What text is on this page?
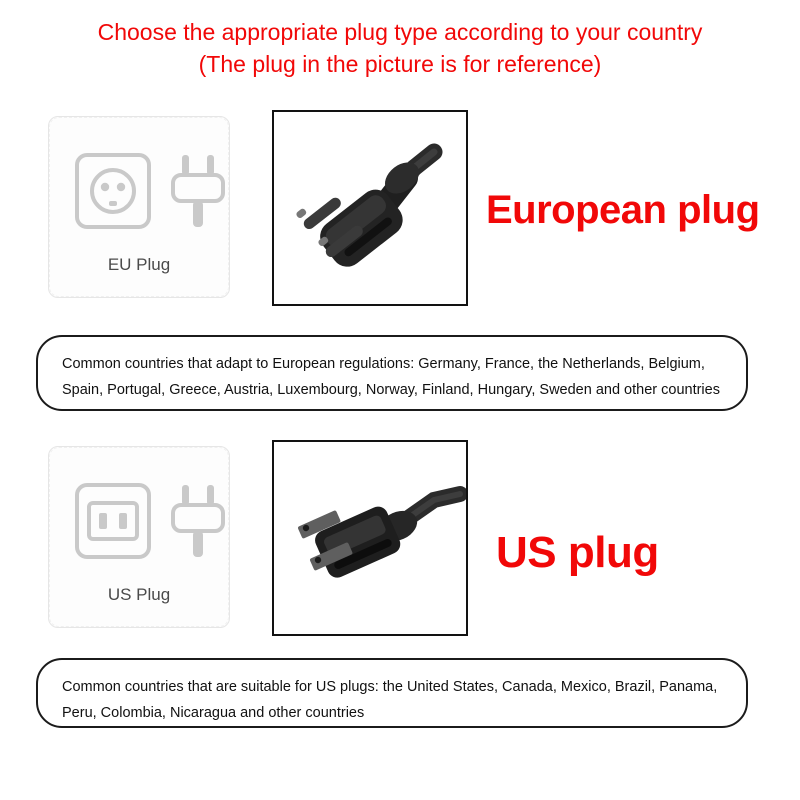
Choose the appropriate plug type according to your country
(The plug in the picture is for reference)
EU Plug
European plug
Common countries that adapt to European regulations: Germany, France, the Netherlands, Belgium, Spain, Portugal, Greece, Austria, Luxembourg, Norway, Finland, Hungary, Sweden and other countries
US Plug
US plug
Common countries that are suitable for US plugs: the United States, Canada, Mexico, Brazil, Panama, Peru, Colombia, Nicaragua and other countries
